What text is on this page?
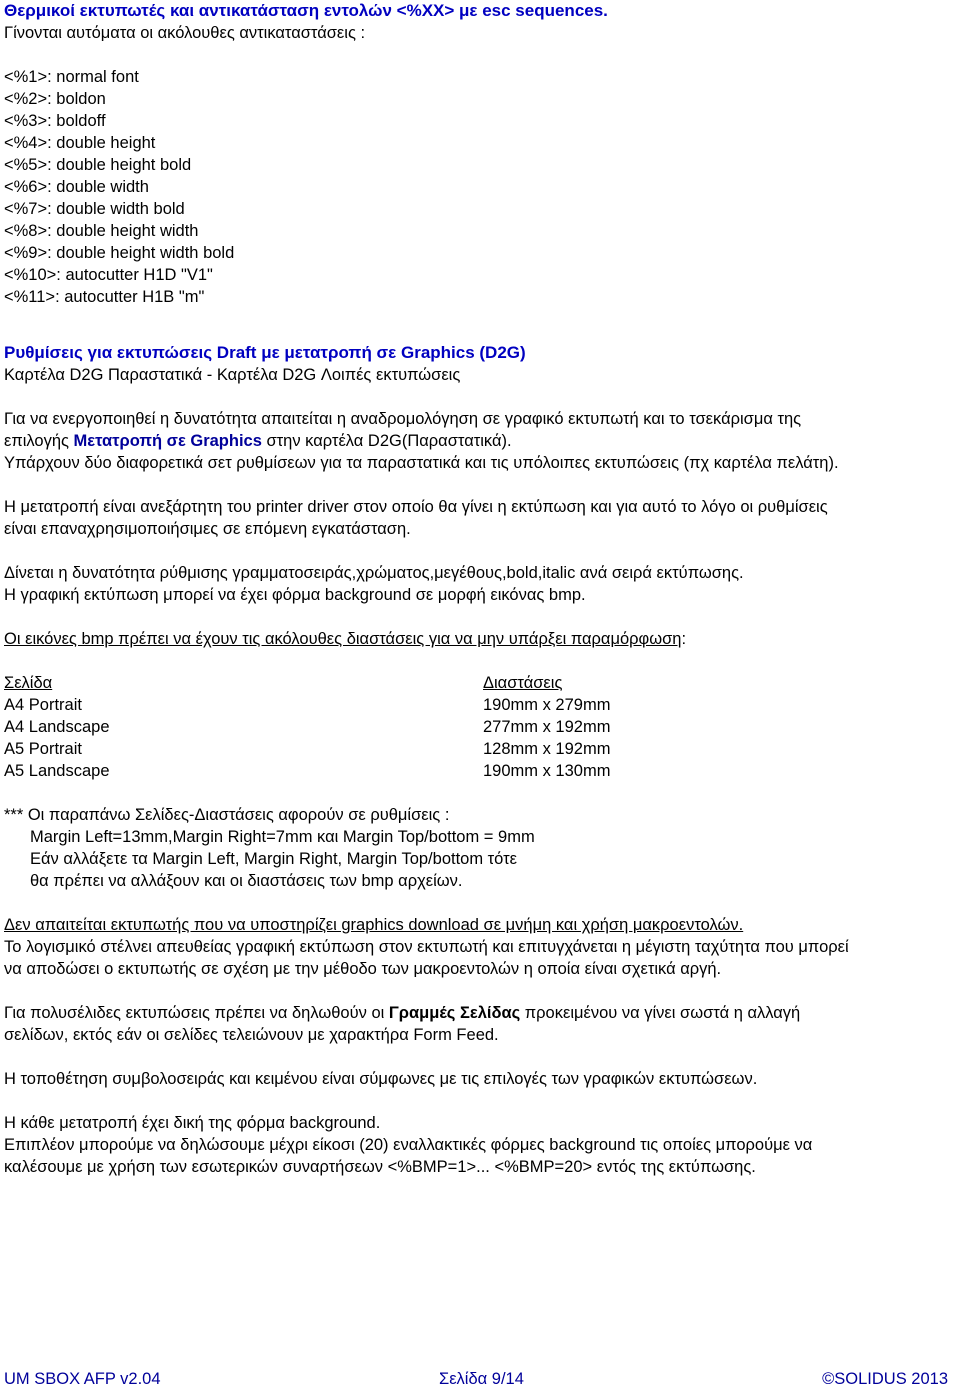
Θερμικοί εκτυπωτές και αντικατάσταση εντολών <%XX> με esc sequences.
Γίνονται αυτόματα οι ακόλουθες αντικαταστάσεις :
<%1>: normal font
<%2>: boldon
<%3>: boldoff
<%4>: double height
<%5>: double height bold
<%6>: double width
<%7>: double width bold
<%8>: double height width
<%9>: double height width bold
<%10>: autocutter H1D "V1"
<%11>: autocutter H1B "m"
Ρυθμίσεις για εκτυπώσεις Draft με μετατροπή σε Graphics (D2G)
Καρτέλα D2G Παραστατικά - Καρτέλα D2G Λοιπές εκτυπώσεις
Για να ενεργοποιηθεί η δυνατότητα απαιτείται η αναδρομολόγηση σε γραφικό εκτυπωτή και το τσεκάρισμα της
επιλογής Μετατροπή σε Graphics στην καρτέλα D2G(Παραστατικά).
Υπάρχουν δύο διαφορετικά σετ ρυθμίσεων για τα παραστατικά και τις υπόλοιπες εκτυπώσεις (πχ καρτέλα πελάτη).
Η μετατροπή είναι ανεξάρτητη του printer driver στον οποίο θα γίνει η εκτύπωση και για αυτό το λόγο οι ρυθμίσεις
είναι επαναχρησιμοποιήσιμες σε επόμενη εγκατάσταση.
Δίνεται η δυνατότητα ρύθμισης γραμματοσειράς,χρώματος,μεγέθους,bold,italic ανά σειρά εκτύπωσης.
Η γραφική εκτύπωση μπορεί να έχει φόρμα background σε μορφή εικόνας bmp.
Οι εικόνες bmp πρέπει να έχουν τις ακόλουθες διαστάσεις για να μην υπάρξει παραμόρφωση:
Σελίδα
A4 Portrait
A4 Landscape
A5 Portrait
A5 Landscape
Διαστάσεις
190mm x 279mm
277mm x 192mm
128mm x 192mm
190mm x 130mm
*** Οι παραπάνω Σελίδες-Διαστάσεις αφορούν σε ρυθμίσεις :
Margin Left=13mm,Margin Right=7mm και Margin Top/bottom = 9mm
Εάν αλλάξετε τα Margin Left, Margin Right, Margin Top/bottom τότε
θα πρέπει να αλλάξουν και οι διαστάσεις των bmp αρχείων.
Δεν απαιτείται εκτυπωτής που να υποστηρίζει graphics download σε μνήμη και χρήση μακροεντολών.
Το λογισμικό στέλνει απευθείας γραφική εκτύπωση στον εκτυπωτή και επιτυγχάνεται η μέγιστη ταχύτητα που μπορεί
να αποδώσει ο εκτυπωτής σε σχέση με την μέθοδο των μακροεντολών η οποία είναι σχετικά αργή.
Για πολυσέλιδες εκτυπώσεις πρέπει να δηλωθούν οι Γραμμές Σελίδας προκειμένου να γίνει σωστά η αλλαγή
σελίδων, εκτός εάν οι σελίδες τελειώνουν με χαρακτήρα Form Feed.
Η τοποθέτηση συμβολοσειράς και κειμένου είναι σύμφωνες με τις επιλογές των γραφικών εκτυπώσεων.
Η κάθε μετατροπή έχει δική της φόρμα background.
Επιπλέον μπορούμε να δηλώσουμε μέχρι είκοσι (20) εναλλακτικές φόρμες background τις οποίες μπορούμε να
καλέσουμε με χρήση των εσωτερικών συναρτήσεων <%BMP=1>... <%BMP=20> εντός της εκτύπωσης.
UM SBOX AFP v2.04	Σελίδα 9/14	©SOLIDUS 2013
